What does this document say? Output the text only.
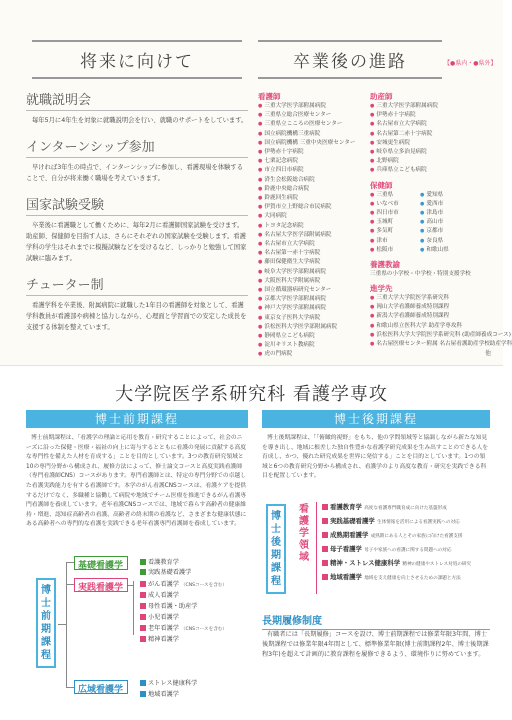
将来に向けて
就職説明会
毎年5月に4年生を対象に就職説明会を行い、就職のサポートをしています。
インターンシップ参加
早ければ3年生の時点で、インターンシップに参加し、看護現場を体験することで、自分が将来働く職場を考えていきます。
国家試験受験
卒業後に看護職として働くために、毎年2月に看護師国家試験を受けます。助産師、保健師を目指す人は、さらにそれぞれの国家試験を受験します。看護学科の学生はそれまでに模擬試験などを受けるなど、しっかりと勉強して国家試験に臨みます。
チューター制
看護学科を卒業後、附属病院に就職した1年目の看護師を対象として、看護学科教員が看護部や病棟と協力しながら、心理面と学習面での安定した成長を支援する体制を整えています。
卒業後の進路	【●県内・●県外】
看護師
● 三重大学医学部附属病院
● 三重県立総合医療センター
● 三重県立こころの医療センター
● 国立病院機構三重病院
● 国立病院機構 三重中央医療センター
● 伊勢赤十字病院
● 七栗記念病院
● 市立四日市病院
● 済生会松阪総合病院
● 鈴鹿中央総合病院
● 鈴鹿回生病院
● 伊賀市立上野総合市民病院
● 大同病院
● トヨタ記念病院
● 名古屋大学医学部附属病院
● 名古屋市立大学病院
● 名古屋第一赤十字病院
● 藤田保健衛生大学病院
● 岐阜大学医学部附属病院
● 大阪医科大学附属病院
● 国立循環器病研究センター
● 京都大学医学部附属病院
● 神戸大学医学部附属病院
● 東京女子医科大学病院
● 浜松医科大学医学部附属病院
● 静岡県立こども病院
● 淀川キリスト教病院
● 虎の門病院
助産師
● 三重大学医学部附属病院
● 伊勢赤十字病院
● 名古屋市立大学病院
● 名古屋第二赤十字病院
● 安城更生病院
● 岐阜県立多治見病院
● 北野病院
● 兵庫県立こども病院
保健師
● 三重県
● いなべ市
● 四日市市
● 玉城町
● 多気町
● 津市
● 松阪市
● 愛知県
● 愛西市
● 津島市
● 高山市
● 京都市
● 奈良県
● 和歌山県
養護教諭
三重県の小学校・中学校・特別支援学校
進学先
● 三重大学大学院医学系研究科
● 岡山大学看護師養成特別課程
● 新潟大学看護師養成特別課程
● 和歌山県立医科大学 助産学専攻科
● 浜松医科大学大学院医学系研究科 (助産師養成コース)
● 名古屋医療センター附属 名古屋看護助産学校助産学科
他
大学院医学系研究科 看護学専攻
博士前期課程
博士前期課程は、「看護学の理論と応用を教育・研究することによって、社会のニーズに沿った保健・医療・福祉の向上に寄与するとともに看護の発展に貢献する高度な専門性を備えた人材を育成する」ことを目的としています。3つの教育研究領域と10の専門分野から構成され、履修方法によって、修士論文コースと高度実践看護師（専門看護師CNS）コースがあります。専門看護師とは、特定の専門分野での卓越した看護実践能力を有する看護師です。本学のがん看護CNSコースは、看護ケアを提供するだけでなく、多職種と協働して病院や地域でチーム医療を推進できるがん看護専門看護師を養成しています。老年看護CNSコースでは、地域で暮らす高齢者の健康維持・増進、認知症高齢者の看護、高齢者の終末期の看護など、さまざまな健康状態にある高齢者への専門的な看護を実践できる老年看護専門看護師を養成しています。
博士前期課程
基礎看護学	看護教育学
実践基礎看護学
実践看護学	がん看護学 （CNSコースを含む）
成人看護学
母性看護・助産学
小児看護学
老年看護学 （CNSコースを含む）
精神看護学
広域看護学
ストレス健康科学
地域看護学
博士後期課程
博士後期課程は、「「俯瞰的視野」をもち、他の学問領域等と協調しながら新たな知見を導き出し、地域に根差した独自性豊かな看護学研究成果を生み出すことのできる人を育成し、かつ、優れた研究成果を世界に発信する」ことを目的としています。1つの領域と6つの教育研究分野から構成され、看護学のより高度な教育・研究を実践できる科目を配置しています。
博士後期課程
看護学領域
看護教育学 高度な看護専門職育成に向けた基盤形成
実践基礎看護学 生体情報を活用による看護実践への対応
成熟期看護学 成熟期にある人とその家族に向けた看護支援
母子看護学 母子や家族への看護に関する問題への対応
精神・ストレス健康科学 精神の健康やストレス対処の研究
地域看護学 地域を支え健康を向上させるための課題と方法
長期履修制度
有職者には「長期履修」コースを設け、博士前期課程では修業年限3年間、博士後期課程では修業年限4年間として、標準修業年限(博士前期課程2年、博士後期課程3年)を超えて計画的に教育課程を履修できるよう、環境作りに努めています。
